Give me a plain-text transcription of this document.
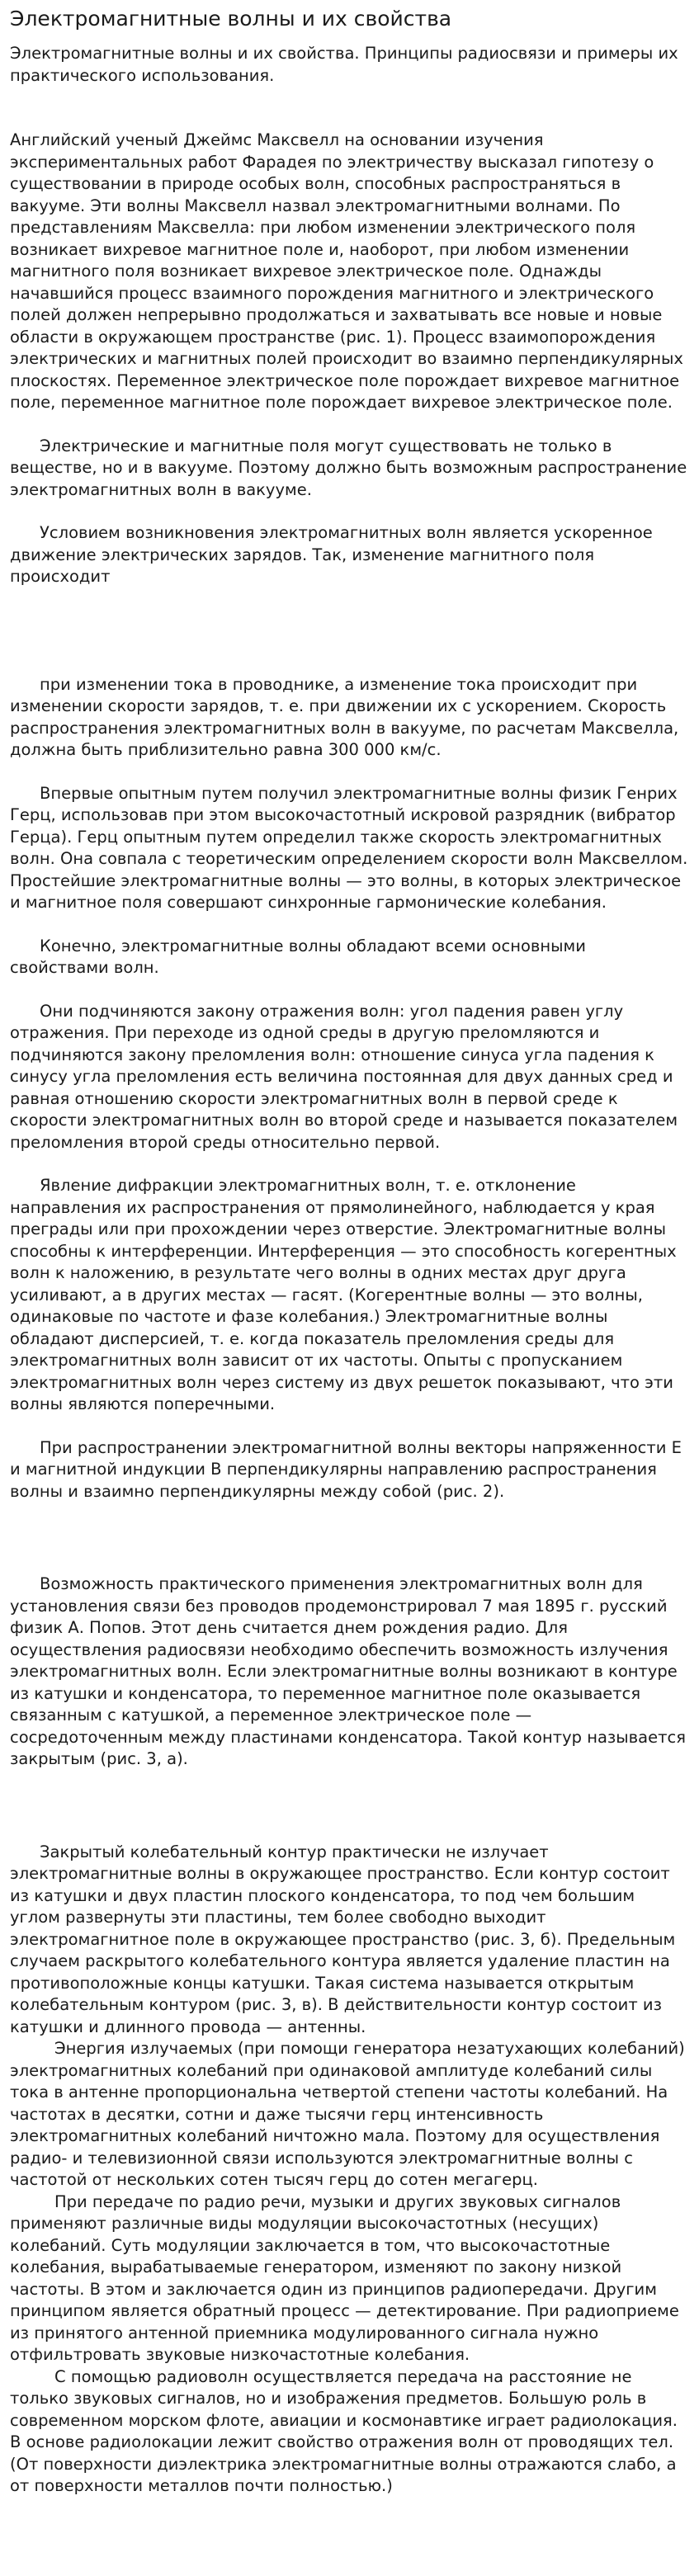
Электромагнитные волны и их свойства

Электромагнитные волны и их свойства. Принципы радиосвязи и примеры их практического использования.

Английский ученый Джеймс Максвелл на основании изучения экспериментальных работ Фарадея по электричеству высказал гипотезу о существовании в природе особых волн, способных распространяться в вакууме. Эти волны Максвелл назвал электромагнитными волнами. По представлениям Максвелла: при любом изменении электрического поля возникает вихревое магнитное поле и, наоборот, при любом изменении магнитного поля возникает вихревое электрическое поле. Однажды начавшийся процесс взаимного порождения магнитного и электрического полей должен непрерывно продолжаться и захватывать все новые и новые области в окружающем пространстве (рис. 1). Процесс взаимопорождения электрических и магнитных полей происходит во взаимно перпендикулярных плоскостях. Переменное электрическое поле порождает вихревое магнитное поле, переменное магнитное поле порождает вихревое электрическое поле.

Электрические и магнитные поля могут существовать не только в веществе, но и в вакууме. Поэтому должно быть возможным распространение электромагнитных волн в вакууме.

Условием возникновения электромагнитных волн является ускоренное движение электрических зарядов. Так, изменение магнитного поля происходит

при изменении тока в проводнике, а изменение тока происходит при изменении скорости зарядов, т. е. при движении их с ускорением. Скорость распространения электромагнитных волн в вакууме, по расчетам Максвелла, должна быть приблизительно равна 300 000 км/с.

Впервые опытным путем получил электромагнитные волны физик Генрих Герц, использовав при этом высокочастотный искровой разрядник (вибратор Герца). Герц опытным путем определил также скорость электромагнитных волн. Она совпала с теоретическим определением скорости волн Максвеллом. Простейшие электромагнитные волны — это волны, в которых электрическое и магнитное поля совершают синхронные гармонические колебания.

Конечно, электромагнитные волны обладают всеми основными свойствами волн.

Они подчиняются закону отражения волн: угол падения равен углу отражения. При переходе из одной среды в другую преломляются и подчиняются закону преломления волн: отношение синуса угла падения к синусу угла преломления есть величина постоянная для двух данных сред и равная отношению скорости электромагнитных волн в первой среде к скорости электромагнитных волн во второй среде и называется показателем преломления второй среды относительно первой.

Явление дифракции электромагнитных волн, т. е. отклонение направления их распространения от прямолинейного, наблюдается у края преграды или при прохождении через отверстие. Электромагнитные волны способны к интерференции. Интерференция — это способность когерентных волн к наложению, в результате чего волны в одних местах друг друга усиливают, а в других местах — гасят. (Когерентные волны — это волны, одинаковые по частоте и фазе колебания.) Электромагнитные волны обладают дисперсией, т. е. когда показатель преломления среды для электромагнитных волн зависит от их частоты. Опыты с пропусканием электромагнитных волн через систему из двух решеток показывают, что эти волны являются поперечными.

При распространении электромагнитной волны векторы напряженности Е и магнитной индукции В перпендикулярны направлению распространения волны и взаимно перпендикулярны между собой (рис. 2).

Возможность практического применения электромагнитных волн для установления связи без проводов продемонстрировал 7 мая 1895 г. русский физик А. Попов. Этот день считается днем рождения радио. Для осуществления радиосвязи необходимо обеспечить возможность излучения электромагнитных волн. Если электромагнитные волны возникают в контуре из катушки и конденсатора, то переменное магнитное поле оказывается связанным с катушкой, а переменное электрическое поле — сосредоточенным между пластинами конденсатора. Такой контур называется закрытым (рис. 3, а).

Закрытый колебательный контур практически не излучает электромагнитные волны в окружающее пространство. Если контур состоит из катушки и двух пластин плоского конденсатора, то под чем большим углом развернуты эти пластины, тем более свободно выходит электромагнитное поле в окружающее пространство (рис. 3, б). Предельным случаем раскрытого колебательного контура является удаление пластин на противоположные концы катушки. Такая система называется открытым колебательным контуром (рис. 3, в). В действительности контур состоит из катушки и длинного провода — антенны.

Энергия излучаемых (при помощи генератора незатухающих колебаний) электромагнитных колебаний при одинаковой амплитуде колебаний силы тока в антенне пропорциональна четвертой степени частоты колебаний. На частотах в десятки, сотни и даже тысячи герц интенсивность электромагнитных колебаний ничтожно мала. Поэтому для осуществления радио- и телевизионной связи используются электромагнитные волны с частотой от нескольких сотен тысяч герц до сотен мегагерц.

При передаче по радио речи, музыки и других звуковых сигналов применяют различные виды модуляции высокочастотных (несущих) колебаний. Суть модуляции заключается в том, что высокочастотные колебания, вырабатываемые генератором, изменяют по закону низкой частоты. В этом и заключается один из принципов радиопередачи. Другим принципом является обратный процесс — детектирование. При радиоприеме из принятого антенной приемника модулированного сигнала нужно отфильтровать звуковые низкочастотные колебания.

С помощью радиоволн осуществляется передача на расстояние не только звуковых сигналов, но и изображения предметов. Большую роль в современном морском флоте, авиации и космонавтике играет радиолокация. В основе радиолокации лежит свойство отражения волн от проводящих тел. (От поверхности диэлектрика электромагнитные волны отражаются слабо, а от поверхности металлов почти полностью.)
